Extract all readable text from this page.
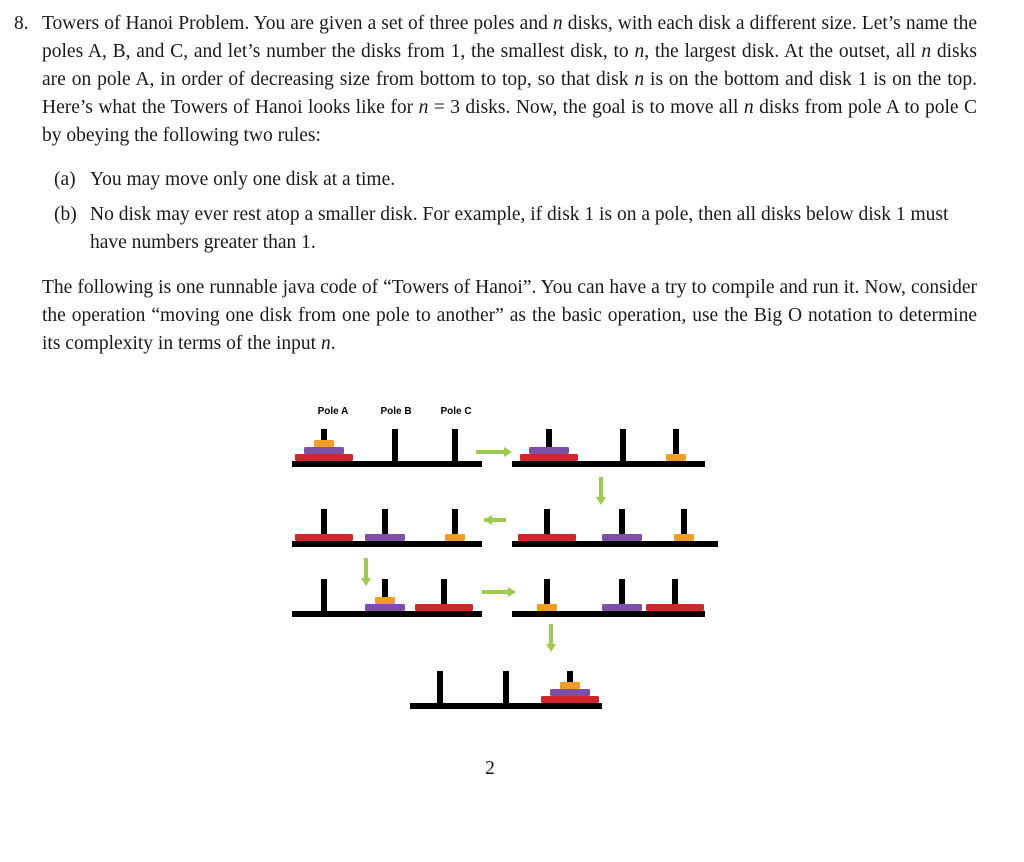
8. Towers of Hanoi Problem. You are given a set of three poles and n disks, with each disk a different size. Let’s name the poles A, B, and C, and let’s number the disks from 1, the smallest disk, to n, the largest disk. At the outset, all n disks are on pole A, in order of decreasing size from bottom to top, so that disk n is on the bottom and disk 1 is on the top. Here’s what the Towers of Hanoi looks like for n = 3 disks. Now, the goal is to move all n disks from pole A to pole C by obeying the following two rules:

(a) You may move only one disk at a time.
(b) No disk may ever rest atop a smaller disk. For example, if disk 1 is on a pole, then all disks below disk 1 must have numbers greater than 1.

The following is one runnable java code of “Towers of Hanoi”. You can have a try to compile and run it. Now, consider the operation “moving one disk from one pole to another” as the basic operation, use the Big O notation to determine its complexity in terms of the input n.

Pole A	Pole B	Pole C
2
